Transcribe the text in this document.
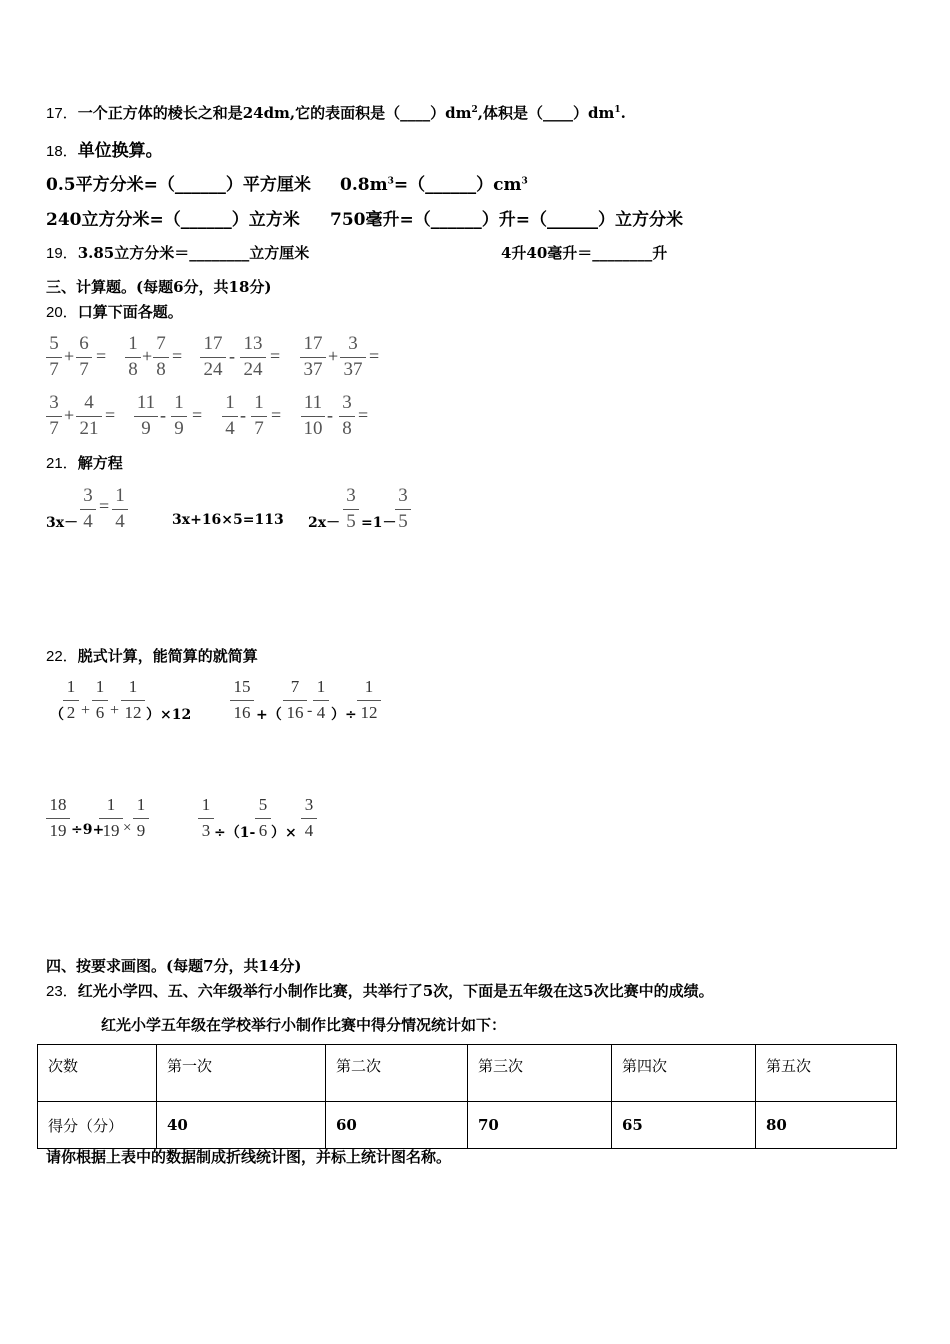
17．一个正方体的棱长之和是24dm,它的表面积是$(\_\_\_\_)dm^2$,体积是$(\_\_\_\_)dm^1$.
18．单位换算。
0.5平方分米=（______）平方厘米 $0.8m^3=(\_\_\_\_\_\_)cm^3$
240立方分米=（______）立方米 750毫升=（______）升=（______）立方分米
19．3.85立方分米＝________立方厘米	4升40毫升＝________升
三、计算题。(每题6分，共18分)
20．口算下面各题。
5
7
+
6
7
=
1
8
+
7
8
=
17
24
-
13
24
=
17
37
+
3
37
=
3
7
+
4
21
=
11
9
-
1
9
=
1
4
-
1
7
=
11
10
-
3
8
=
21．解方程
3x－
3
4
= 1
4	3x+16×5=113 2x－
3
5 =1－
3
5
22．脱式计算，能简算的就简算
（
1
2 +
1
6 +
1
12 ）×12
15
16 +（
7
16 -
1
4 ）÷
1
12
18
19 ÷9+
1
19 ×
1
9
1
3 ÷（1-
5
6 ）×
3
4
四、按要求画图。(每题7分，共14分)
23．红光小学四、五、六年级举行小制作比赛，共举行了5次，下面是五年级在这5次比赛中的成绩。
红光小学五年级在学校举行小制作比赛中得分情况统计如下：
次数	第一次	第二次	第三次	第四次	第五次
得分（分）	40	60	70	65	80
请你根据上表中的数据制成折线统计图，并标上统计图名称。
